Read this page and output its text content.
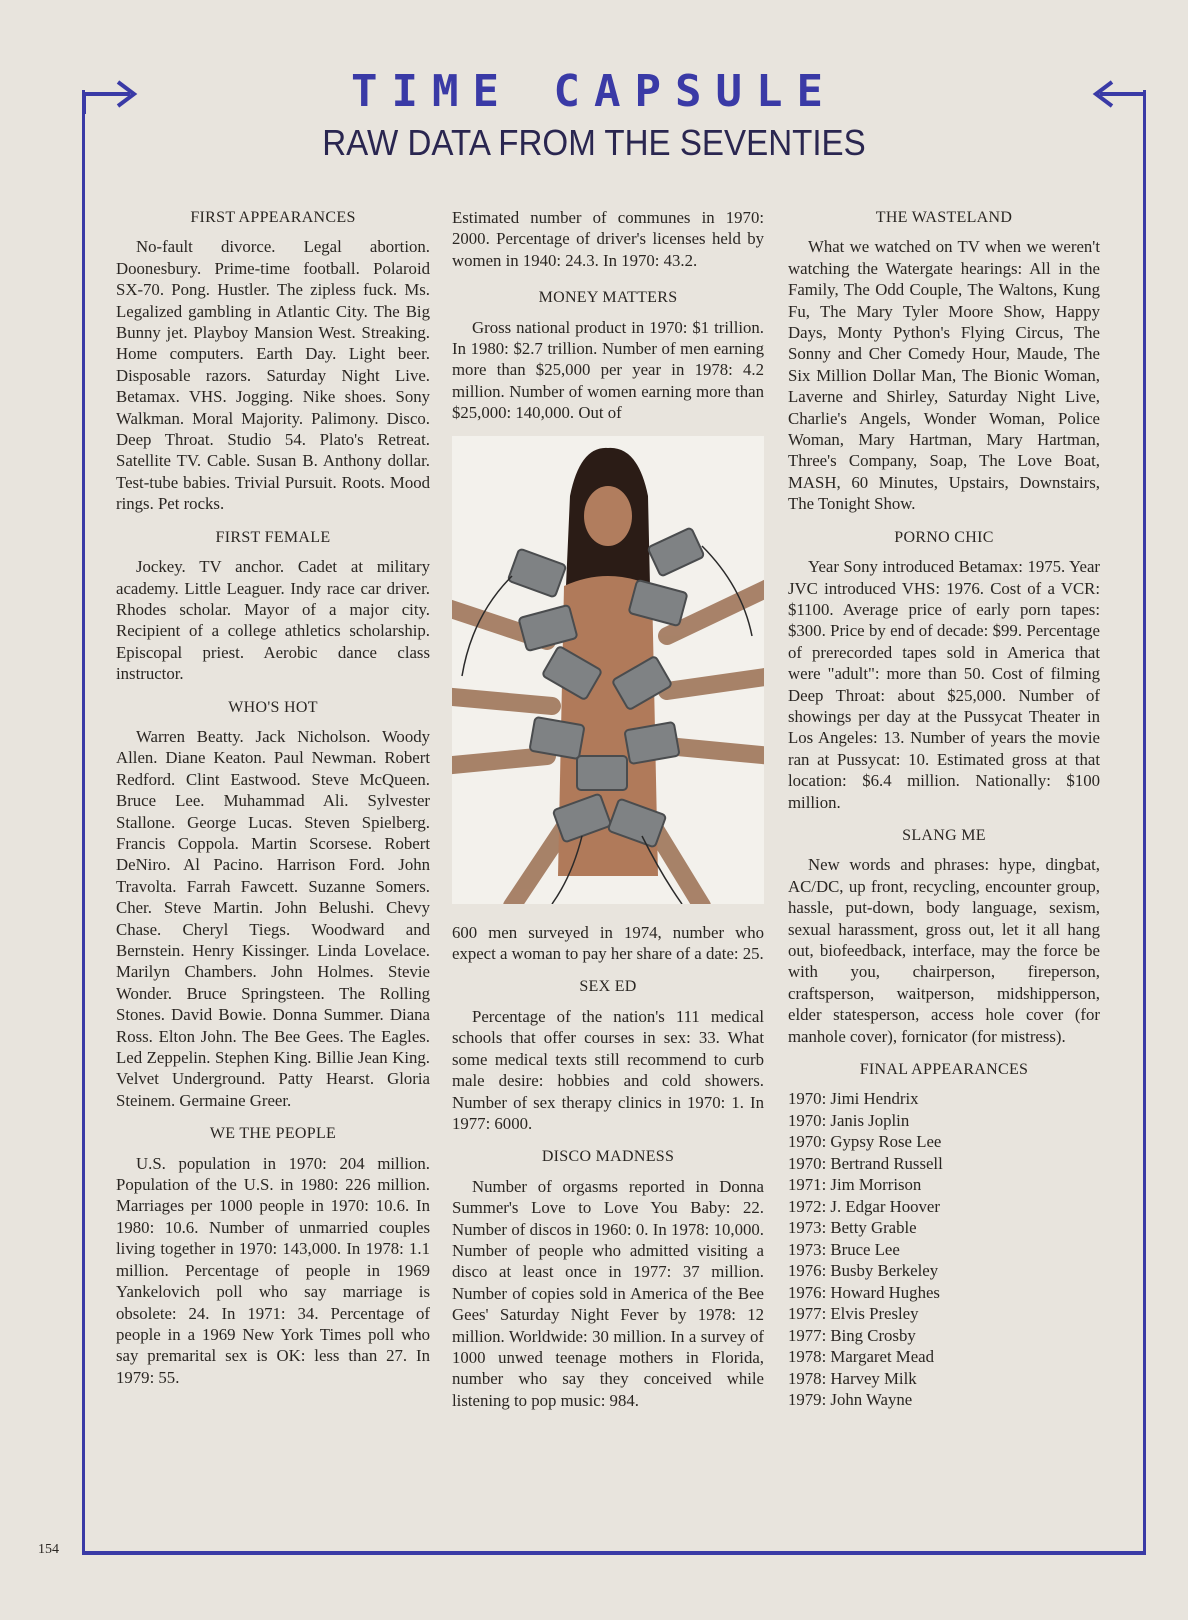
TIME CAPSULE
RAW DATA FROM THE SEVENTIES
FIRST APPEARANCES

No-fault divorce. Legal abortion. Doonesbury. Prime-time football. Polaroid SX-70. Pong. Hustler. The zipless fuck. Ms. Legalized gambling in Atlantic City. The Big Bunny jet. Playboy Mansion West. Streaking. Home computers. Earth Day. Light beer. Disposable razors. Saturday Night Live. Betamax. VHS. Jogging. Nike shoes. Sony Walkman. Moral Majority. Palimony. Disco. Deep Throat. Studio 54. Plato's Retreat. Satellite TV. Cable. Susan B. Anthony dollar. Test-tube babies. Trivial Pursuit. Roots. Mood rings. Pet rocks.

FIRST FEMALE

Jockey. TV anchor. Cadet at military academy. Little Leaguer. Indy race car driver. Rhodes scholar. Mayor of a major city. Recipient of a college athletics scholarship. Episcopal priest. Aerobic dance class instructor.

WHO'S HOT

Warren Beatty. Jack Nicholson. Woody Allen. Diane Keaton. Paul Newman. Robert Redford. Clint Eastwood. Steve McQueen. Bruce Lee. Muhammad Ali. Sylvester Stallone. George Lucas. Steven Spielberg. Francis Coppola. Martin Scorsese. Robert DeNiro. Al Pacino. Harrison Ford. John Travolta. Farrah Fawcett. Suzanne Somers. Cher. Steve Martin. John Belushi. Chevy Chase. Cheryl Tiegs. Woodward and Bernstein. Henry Kissinger. Linda Lovelace. Marilyn Chambers. John Holmes. Stevie Wonder. Bruce Springsteen. The Rolling Stones. David Bowie. Donna Summer. Diana Ross. Elton John. The Bee Gees. The Eagles. Led Zeppelin. Stephen King. Billie Jean King. Velvet Underground. Patty Hearst. Gloria Steinem. Germaine Greer.

WE THE PEOPLE

U.S. population in 1970: 204 million. Population of the U.S. in 1980: 226 million. Marriages per 1000 people in 1970: 10.6. In 1980: 10.6. Number of unmarried couples living together in 1970: 143,000. In 1978: 1.1 million. Percentage of people in 1969 Yankelovich poll who say marriage is obsolete: 24. In 1971: 34. Percentage of people in a 1969 New York Times poll who say premarital sex is OK: less than 27. In 1979: 55.

Estimated number of communes in 1970: 2000. Percentage of driver's licenses held by women in 1940: 24.3. In 1970: 43.2.

MONEY MATTERS

Gross national product in 1970: $1 trillion. In 1980: $2.7 trillion. Number of men earning more than $25,000 per year in 1978: 4.2 million. Number of women earning more than $25,000: 140,000. Out of

600 men surveyed in 1974, number who expect a woman to pay her share of a date: 25.

SEX ED

Percentage of the nation's 111 medical schools that offer courses in sex: 33. What some medical texts still recommend to curb male desire: hobbies and cold showers. Number of sex therapy clinics in 1970: 1. In 1977: 6000.

DISCO MADNESS

Number of orgasms reported in Donna Summer's Love to Love You Baby: 22. Number of discos in 1960: 0. In 1978: 10,000. Number of people who admitted visiting a disco at least once in 1977: 37 million. Number of copies sold in America of the Bee Gees' Saturday Night Fever by 1978: 12 million. Worldwide: 30 million. In a survey of 1000 unwed teenage mothers in Florida, number who say they conceived while listening to pop music: 984.

THE WASTELAND

What we watched on TV when we weren't watching the Watergate hearings: All in the Family, The Odd Couple, The Waltons, Kung Fu, The Mary Tyler Moore Show, Happy Days, Monty Python's Flying Circus, The Sonny and Cher Comedy Hour, Maude, The Six Million Dollar Man, The Bionic Woman, Laverne and Shirley, Saturday Night Live, Charlie's Angels, Wonder Woman, Police Woman, Mary Hartman, Mary Hartman, Three's Company, Soap, The Love Boat, MASH, 60 Minutes, Upstairs, Downstairs, The Tonight Show.

PORNO CHIC

Year Sony introduced Betamax: 1975. Year JVC introduced VHS: 1976. Cost of a VCR: $1100. Average price of early porn tapes: $300. Price by end of decade: $99. Percentage of prerecorded tapes sold in America that were "adult": more than 50. Cost of filming Deep Throat: about $25,000. Number of showings per day at the Pussycat Theater in Los Angeles: 13. Number of years the movie ran at Pussycat: 10. Estimated gross at that location: $6.4 million. Nationally: $100 million.

SLANG ME

New words and phrases: hype, dingbat, AC/DC, up front, recycling, encounter group, hassle, put-down, body language, sexism, sexual harassment, gross out, let it all hang out, biofeedback, interface, may the force be with you, chairperson, fireperson, craftsperson, waitperson, midshipperson, elder statesperson, access hole cover (for manhole cover), fornicator (for mistress).

FINAL APPEARANCES
1970: Jimi Hendrix
1970: Janis Joplin
1970: Gypsy Rose Lee
1970: Bertrand Russell
1971: Jim Morrison
1972: J. Edgar Hoover
1973: Betty Grable
1973: Bruce Lee
1976: Busby Berkeley
1976: Howard Hughes
1977: Elvis Presley
1977: Bing Crosby
1978: Margaret Mead
1978: Harvey Milk
1979: John Wayne
154
